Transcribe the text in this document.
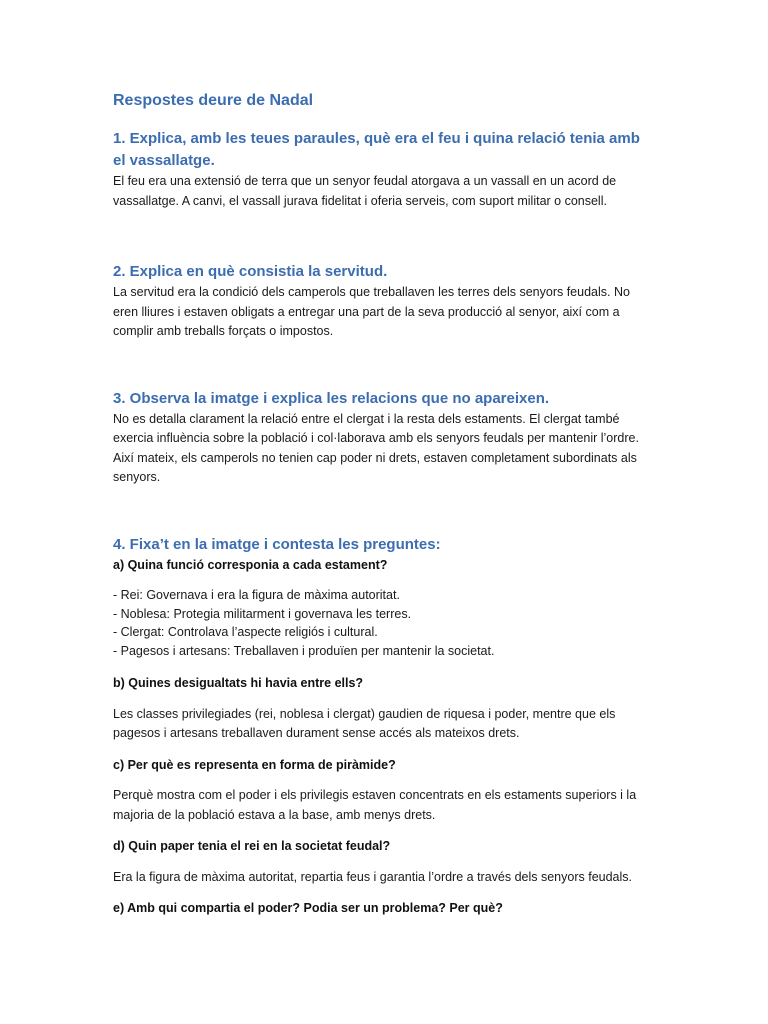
Respostes deure de Nadal
1. Explica, amb les teues paraules, què era el feu i quina relació tenia amb el vassallatge.

El feu era una extensió de terra que un senyor feudal atorgava a un vassall en un acord de vassallatge. A canvi, el vassall jurava fidelitat i oferia serveis, com suport militar o consell.

2. Explica en què consistia la servitud.

La servitud era la condició dels camperols que treballaven les terres dels senyors feudals. No eren lliures i estaven obligats a entregar una part de la seva producció al senyor, així com a complir amb treballs forçats o impostos.

3. Observa la imatge i explica les relacions que no apareixen.

No es detalla clarament la relació entre el clergat i la resta dels estaments. El clergat també exercia influència sobre la població i col·laborava amb els senyors feudals per mantenir l’ordre. Així mateix, els camperols no tenien cap poder ni drets, estaven completament subordinats als senyors.

4. Fixa’t en la imatge i contesta les preguntes:

a) Quina funció corresponia a cada estament?

- Rei: Governava i era la figura de màxima autoritat.
- Noblesa: Protegia militarment i governava les terres.
- Clergat: Controlava l’aspecte religiós i cultural.
- Pagesos i artesans: Treballaven i produïen per mantenir la societat.

b) Quines desigualtats hi havia entre ells?

Les classes privilegiades (rei, noblesa i clergat) gaudien de riquesa i poder, mentre que els pagesos i artesans treballaven durament sense accés als mateixos drets.

c) Per què es representa en forma de piràmide?

Perquè mostra com el poder i els privilegis estaven concentrats en els estaments superiors i la majoria de la població estava a la base, amb menys drets.

d) Quin paper tenia el rei en la societat feudal?

Era la figura de màxima autoritat, repartia feus i garantia l’ordre a través dels senyors feudals.

e) Amb qui compartia el poder? Podia ser un problema? Per què?
